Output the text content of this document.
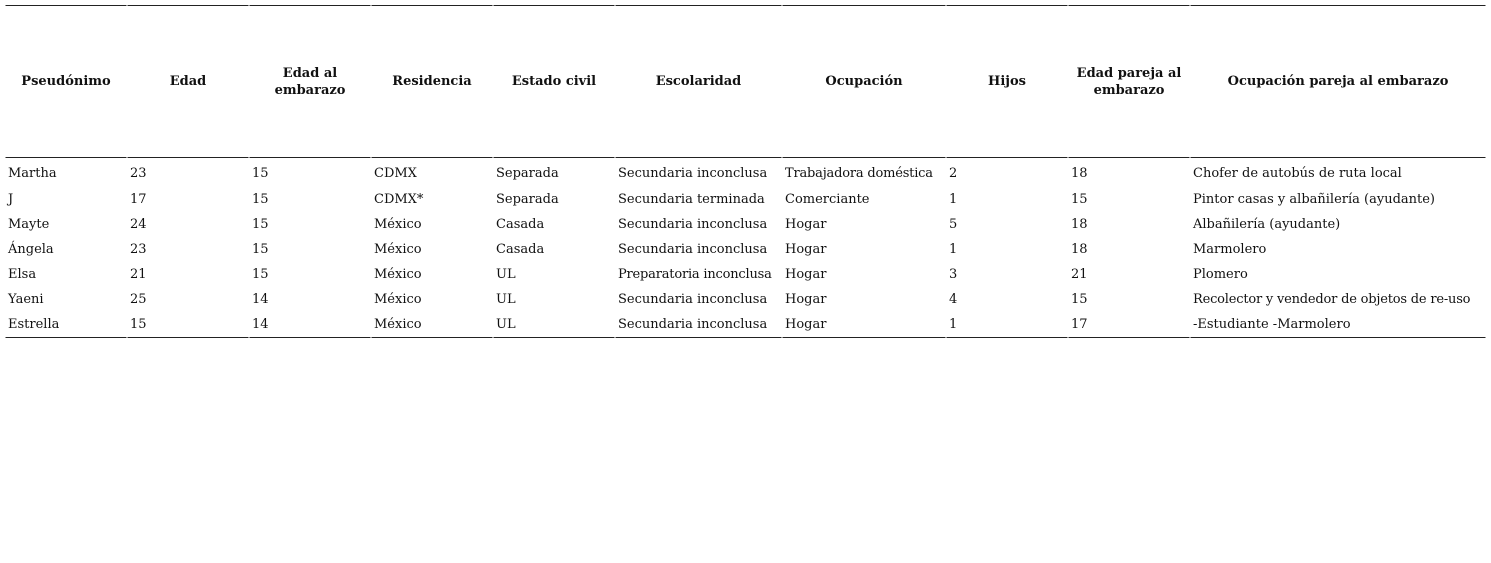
Pseudónimo	Edad	Edad al embarazo	Residencia	Estado civil	Escolaridad	Ocupación	Hijos	Edad pareja al embarazo	Ocupación pareja al embarazo
Martha	23	15	CDMX	Separada	Secundaria inconclusa	Trabajadora doméstica	2	18	Chofer de autobús de ruta local
J	17	15	CDMX*	Separada	Secundaria terminada	Comerciante	1	15	Pintor casas y albañilería (ayudante)
Mayte	24	15	México	Casada	Secundaria inconclusa	Hogar	5	18	Albañilería (ayudante)
Ángela	23	15	México	Casada	Secundaria inconclusa	Hogar	1	18	Marmolero
Elsa	21	15	México	UL	Preparatoria inconclusa	Hogar	3	21	Plomero
Yaeni	25	14	México	UL	Secundaria inconclusa	Hogar	4	15	Recolector y vendedor de objetos de re-uso
Estrella	15	14	México	UL	Secundaria inconclusa	Hogar	1	17	-Estudiante -Marmolero
